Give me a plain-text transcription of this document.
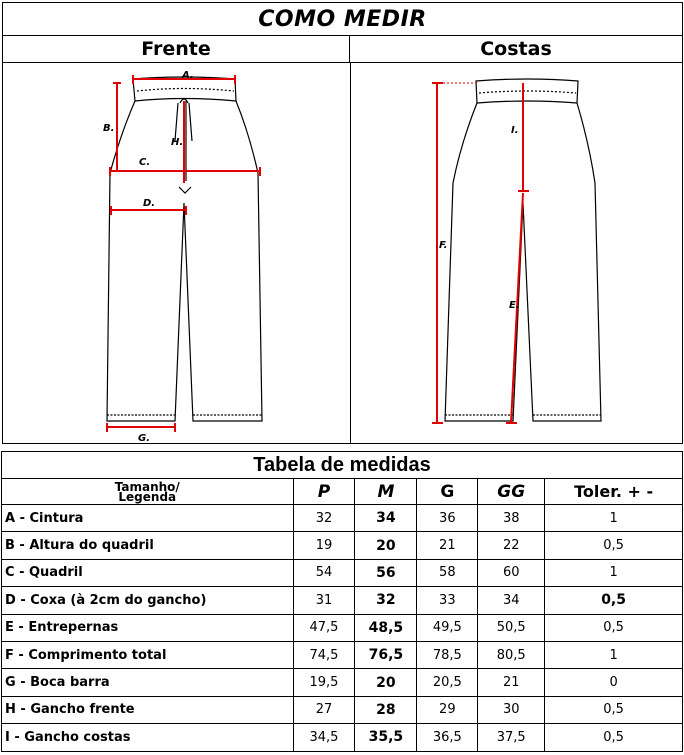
COMO MEDIR
Frente	Costas
A.
B.
C.
D.
G.
H.
I.
F.
E.
Tabela de medidas					

Tamanho/
Legenda	P	M	G	GG	Toler. + -
A - Cintura	32	34	36	38	1
B - Altura do quadril	19	20	21	22	0,5
C - Quadril	54	56	58	60	1
D - Coxa (à 2cm do gancho)	31	32	33	34	0,5
E - Entrepernas	47,5	48,5	49,5	50,5	0,5
F - Comprimento total	74,5	76,5	78,5	80,5	1
G - Boca barra	19,5	20	20,5	21	0
H - Gancho frente	27	28	29	30	0,5
I - Gancho costas	34,5	35,5	36,5	37,5	0,5
